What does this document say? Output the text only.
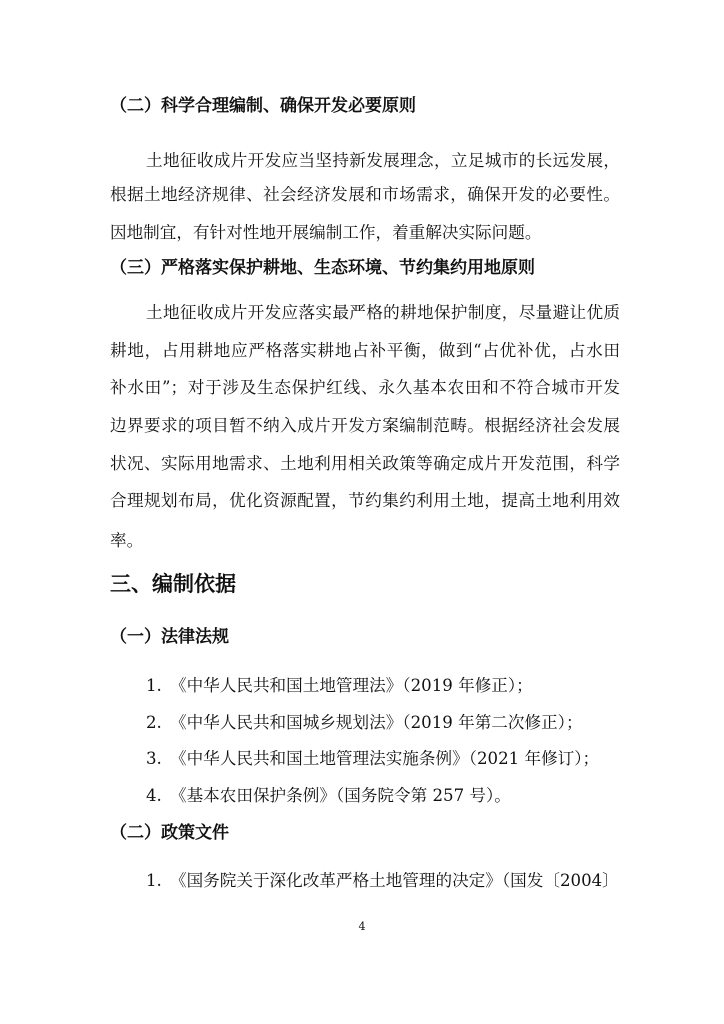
（二）科学合理编制、确保开发必要原则
土地征收成片开发应当坚持新发展理念，立足城市的长远发展，
根据土地经济规律、社会经济发展和市场需求，确保开发的必要性。
因地制宜，有针对性地开展编制工作，着重解决实际问题。
（三）严格落实保护耕地、生态环境、节约集约用地原则
土地征收成片开发应落实最严格的耕地保护制度，尽量避让优质
耕地，占用耕地应严格落实耕地占补平衡，做到“占优补优，占水田
补水田”；对于涉及生态保护红线、永久基本农田和不符合城市开发
边界要求的项目暂不纳入成片开发方案编制范畴。根据经济社会发展
状况、实际用地需求、土地利用相关政策等确定成片开发范围，科学
合理规划布局，优化资源配置，节约集约利用土地，提高土地利用效
率。
三、编制依据
（一）法律法规
1. 《中华人民共和国土地管理法》（2019 年修正）；
2. 《中华人民共和国城乡规划法》（2019 年第二次修正）；
3. 《中华人民共和国土地管理法实施条例》（2021 年修订）；
4. 《基本农田保护条例》（国务院令第 257 号）。
（二）政策文件
1. 《国务院关于深化改革严格土地管理的决定》（国发〔2004〕
4
